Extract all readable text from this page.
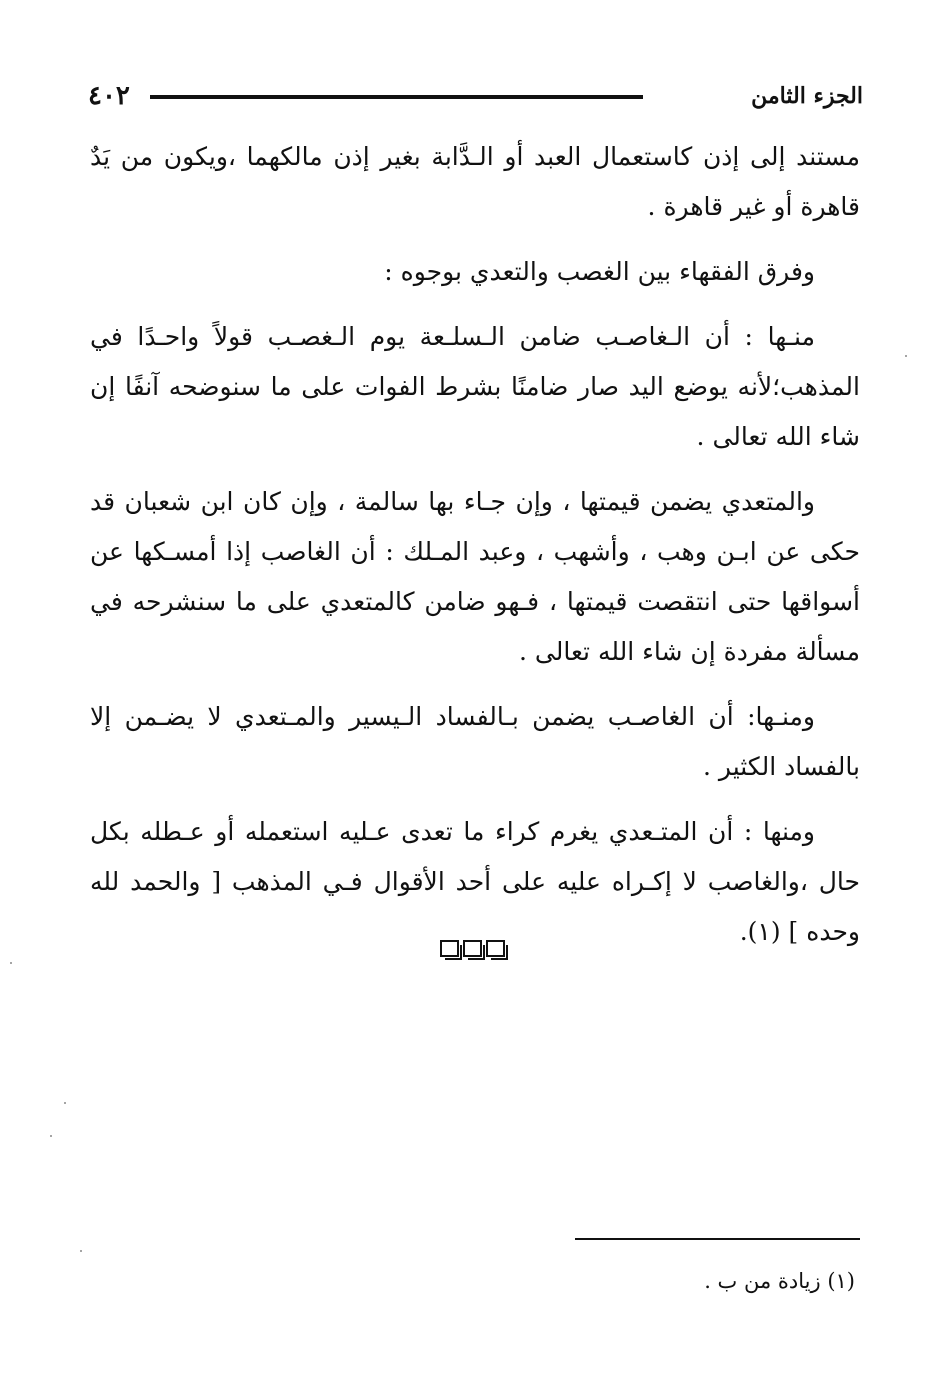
٤٠٢	الجزء الثامن

مستند إلى إذن كاستعمال العبد أو الـدَّابة بغير إذن مالكهما ،ويكون من يَدٌ قاهرة أو غير قاهرة .

وفرق الفقهاء بين الغصب والتعدي بوجوه :

منـها : أن الـغاصـب ضامن الـسلـعة يوم الـغصـب قولاً واحـدًا في المذهب؛لأنه يوضع اليد صار ضامنًا بشرط الفوات على ما سنوضحه آنفًا إن شاء الله تعالى .

والمتعدي يضمن قيمتها ، وإن جـاء بها سالمة ، وإن كان ابن شعبان قد حكى عن ابـن وهب ، وأشهب ، وعبد المـلك : أن الغاصب إذا أمسـكها عن أسواقها حتى انتقصت قيمتها ، فـهو ضامن كالمتعدي على ما سنشرحه في مسألة مفردة إن شاء الله تعالى .

ومنـها: أن الغاصـب يضمن بـالفساد الـيسير والمـتعدي لا يضـمن إلا بالفساد الكثير .

ومنها : أن المتـعدي يغرم كراء ما تعدى عـليه استعمله أو عـطله بكل حال ،والغاصب لا إكـراه عليه على أحد الأقوال فـي المذهب [ والحمد لله وحده ] (١).

(١) زيادة من ب .
